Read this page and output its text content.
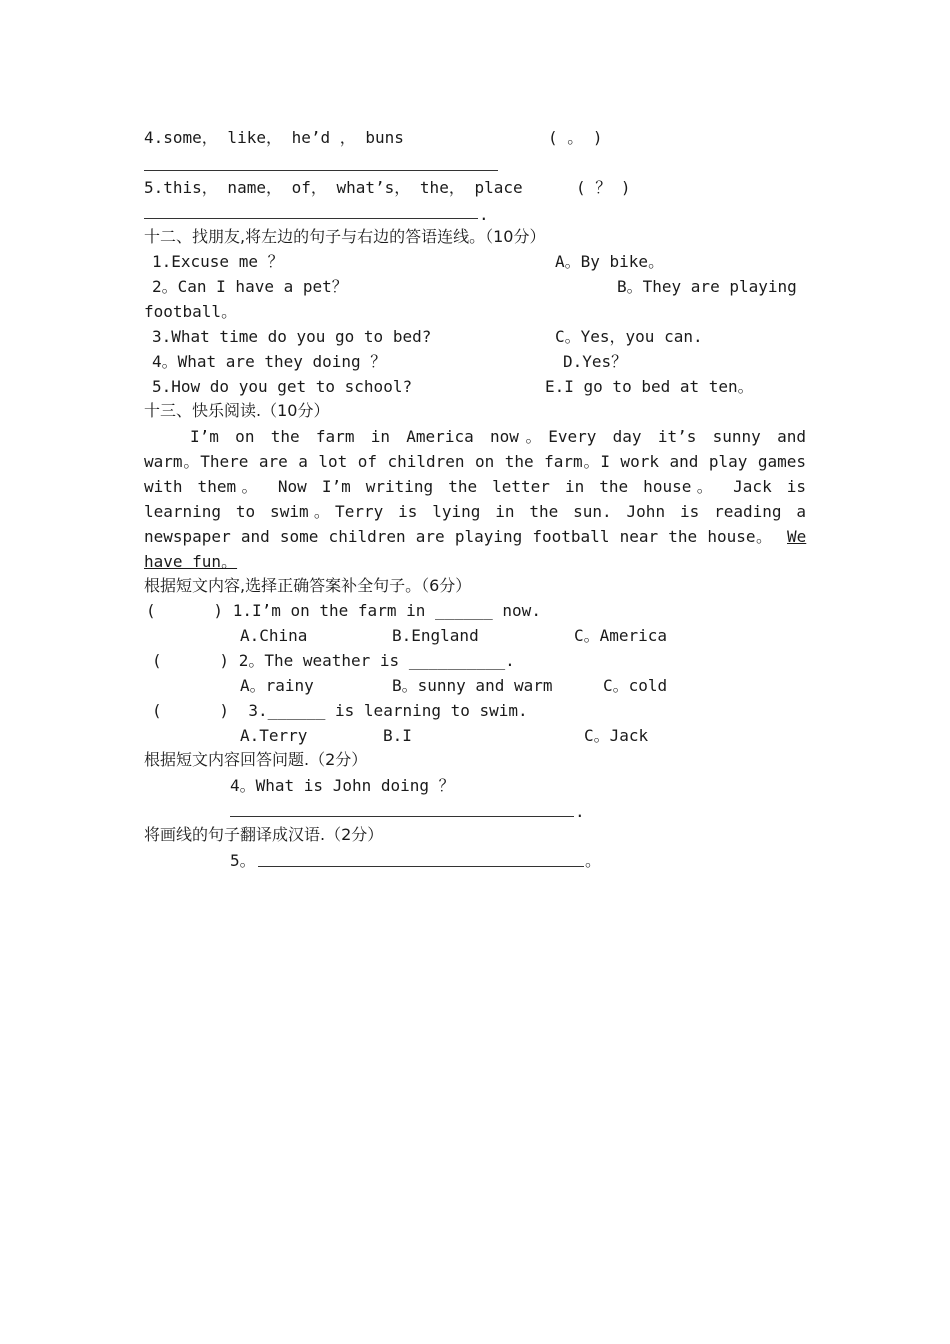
4.some， like， he’d ， buns	( 。 )
5.this， name， of， what’s， the， place	( ？ )
.
十二、找朋友,将左边的句子与右边的答语连线。（10分）
1.Excuse me ？	A。By bike。
2。Can I have a pet？	B。They are playing
football。
3.What time do you go to bed?	C。Yes，you can.
4。What are they doing ？	D.Yes？
5.How do you get to school?	E.I go to bed at ten。
十三、快乐阅读.（10分）
I’m on the farm in America now。Every day it’s sunny and
warm。There are a lot of children on the farm。I work and play games
with them。 Now I’m writing the letter in the house。 Jack is
learning to swim。Terry is lying in the sun. John is reading a
newspaper and some children are playing football near the house。 We
have fun。
根据短文内容,选择正确答案补全句子。（6分）
(      ) 1.I’m on the farm in ______ now.
A.China	B.England	C。America
(      ) 2。The weather is __________.
A。rainy	B。sunny and warm	C。cold
(      )  3.______ is learning to swim.
A.Terry	B.I	C。Jack
根据短文内容回答问题.（2分）
4。What is John doing ？
.
将画线的句子翻译成汉语.（2分）
5。	。
